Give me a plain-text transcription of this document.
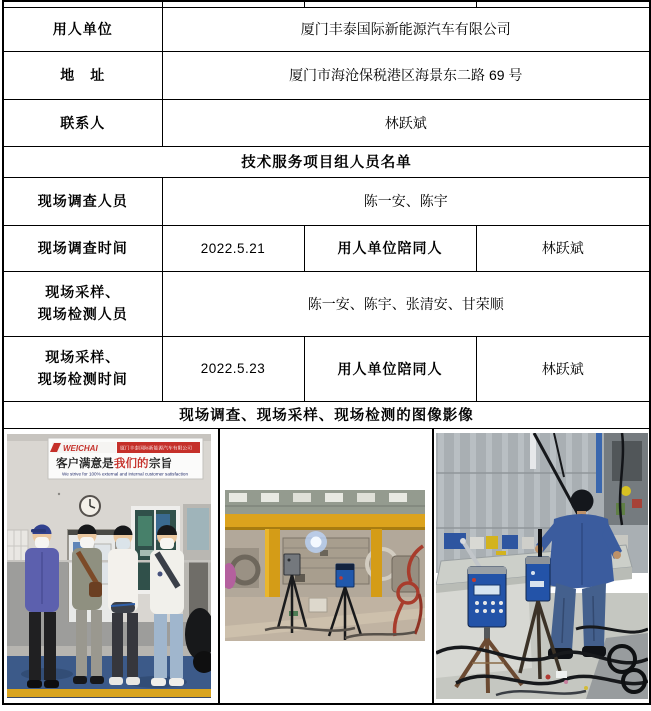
用人单位	厦门丰泰国际新能源汽车有限公司		
地　址	厦门市海沧保税港区海景东二路 69 号		
联系人	林跃斌		
技术服务项目组人员名单			
现场调查人员	陈一安、陈宇		
现场调查时间	2022.5.21	用人单位陪同人	林跃斌

现场采样、
现场检测人员	陈一安、陈宇、张清安、甘荣顺		

现场采样、
现场检测时间	2022.5.23	用人单位陪同人	林跃斌
现场调查、现场采样、现场检测的图像影像			

WEICHAI	厦门丰泰国际新能源汽车有限公司
客户满意是 我们的 宗旨
We strive for 100% external and internal customer satisfaction
